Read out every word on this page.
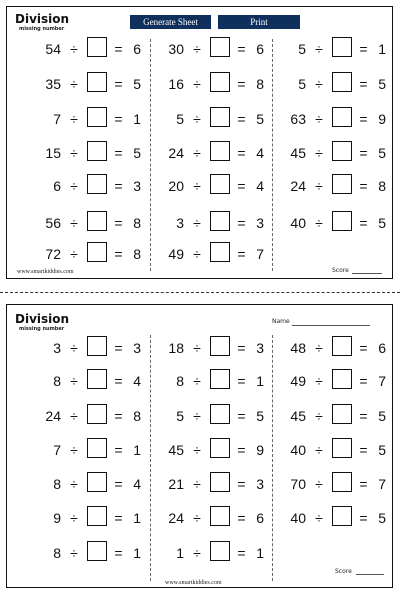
Division
missing number
Generate Sheet	Print
54 ÷	= 6
35 ÷	= 5
7 ÷	= 1
15 ÷	= 5
6 ÷	= 3
56 ÷	= 8
72 ÷	= 8
30 ÷	= 6
16 ÷	= 8
5 ÷	= 5
24 ÷	= 4
20 ÷	= 4
3 ÷	= 3
49 ÷	= 7
5 ÷	= 1
5 ÷	= 5
63 ÷	= 9
45 ÷	= 5
24 ÷	= 8
40 ÷	= 5
www.smartkiddies.com	Score
Division
missing number
Name
3 ÷	= 3
8 ÷	= 4
24 ÷	= 8
7 ÷	= 1
8 ÷	= 4
9 ÷	= 1
8 ÷	= 1
18 ÷	= 3
8 ÷	= 1
5 ÷	= 5
45 ÷	= 9
21 ÷	= 3
24 ÷	= 6
1 ÷	= 1
48 ÷	= 6
49 ÷	= 7
45 ÷	= 5
40 ÷	= 5
70 ÷	= 7
40 ÷	= 5
www.smartkiddies.com
Score
